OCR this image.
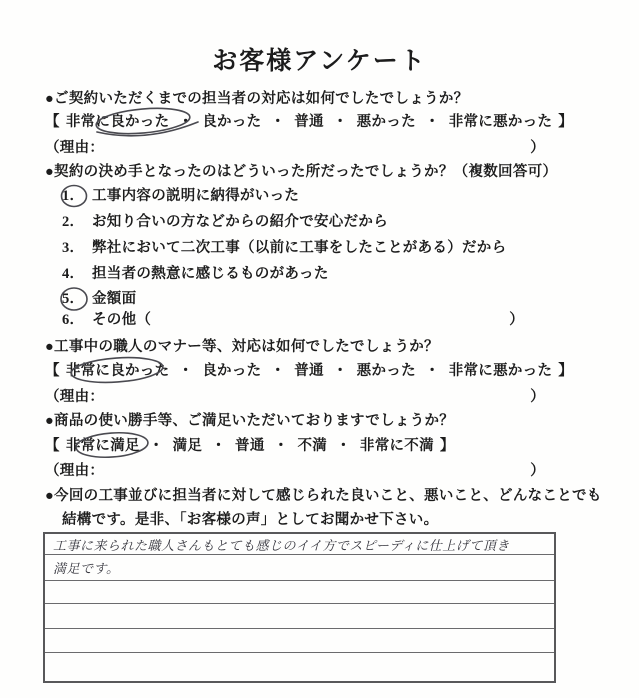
お客様アンケート
●ご契約いただくまでの担当者の対応は如何でしたでしょうか？
【 非常に良かった ・ 良かった ・ 普通 ・ 悪かった ・ 非常に悪かった 】
（理由：	）
●契約の決め手となったのはどういった所だったでしょうか？（複数回答可）
1． 工事内容の説明に納得がいった
2． お知り合いの方などからの紹介で安心だから
3． 弊社において二次工事（以前に工事をしたことがある）だから
4． 担当者の熱意に感じるものがあった
5． 金額面
6． その他（	）
●工事中の職人のマナー等、対応は如何でしたでしょうか？
【 非常に良かった ・ 良かった ・ 普通 ・ 悪かった ・ 非常に悪かった 】
（理由：	）
●商品の使い勝手等、ご満足いただいておりますでしょうか？
【 非常に満足 ・ 満足 ・ 普通 ・ 不満 ・ 非常に不満 】
（理由：	）
●今回の工事並びに担当者に対して感じられた良いこと、悪いこと、どんなことでも
結構です。是非、「お客様の声」としてお聞かせ下さい。
工事に来られた職人さんもとても感じのイイ方でスピーディに仕上げて頂き
満足です。
